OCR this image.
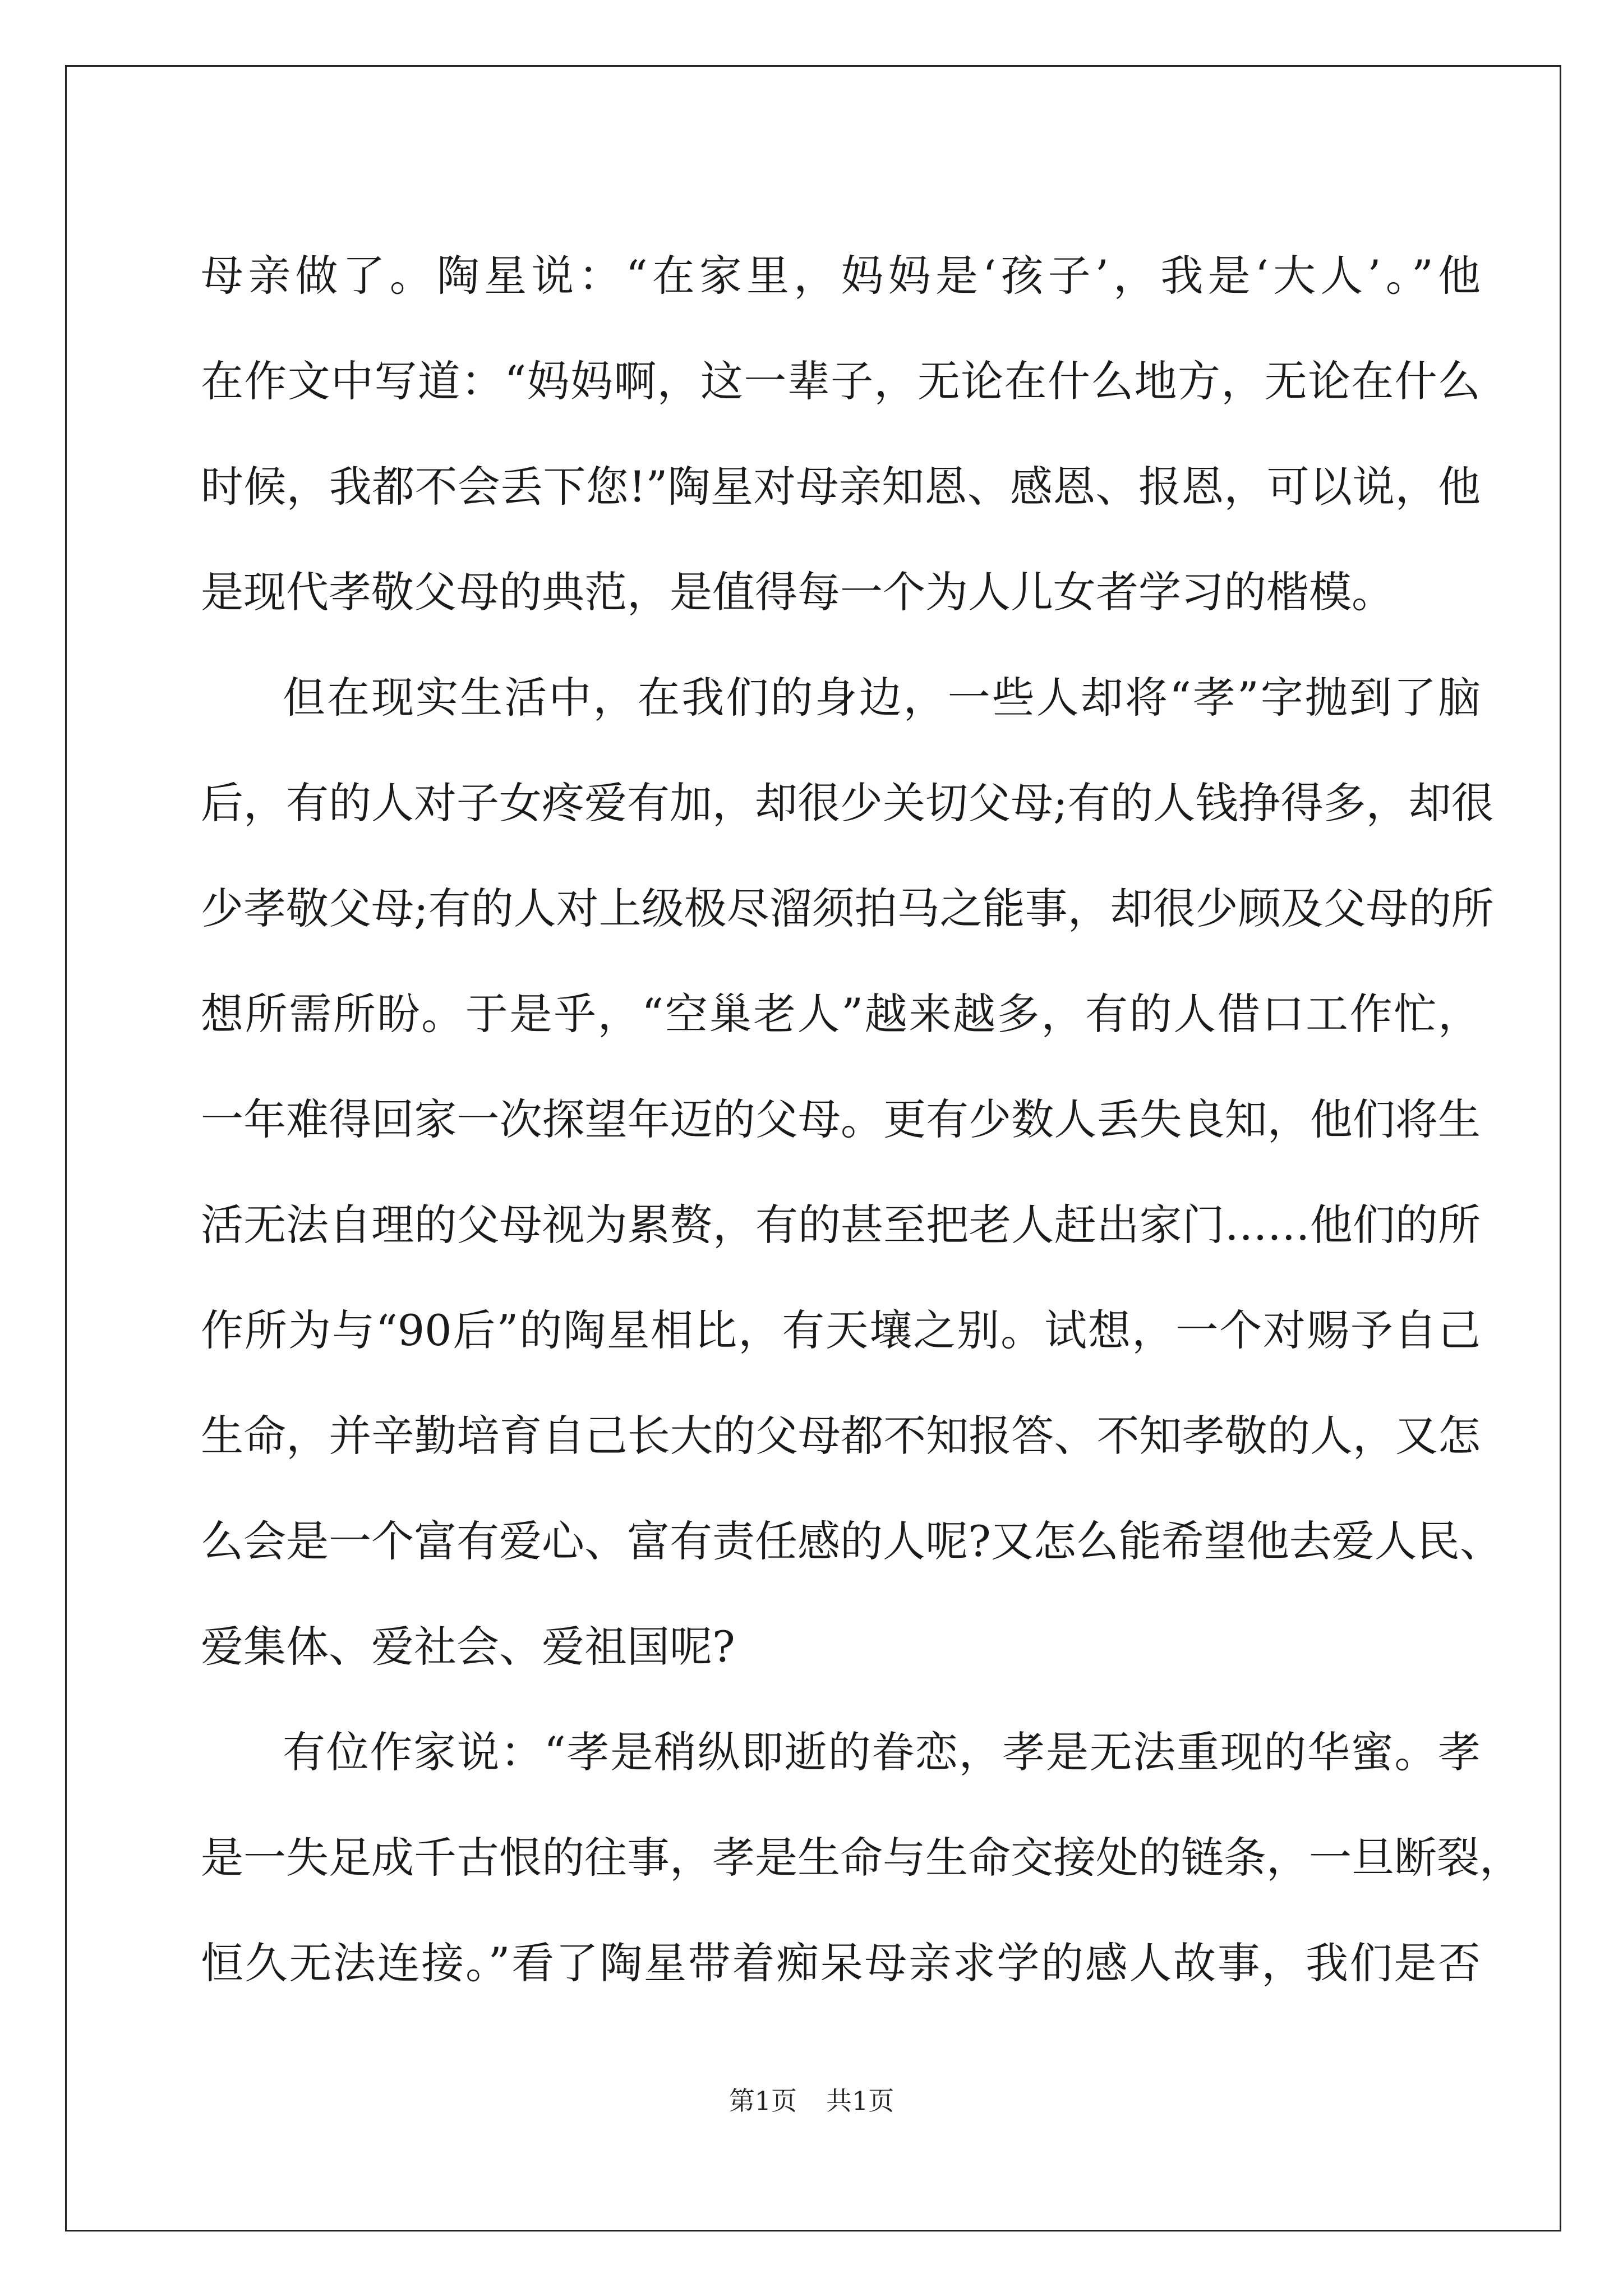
母亲做了。陶星说：“在家里，妈妈是‘孩子’，我是‘大人’。”他
在作文中写道：“妈妈啊，这一辈子，无论在什么地方，无论在什么
时候，我都不会丢下您!”陶星对母亲知恩、感恩、报恩，可以说，他
是现代孝敬父母的典范，是值得每一个为人儿女者学习的楷模。
但在现实生活中，在我们的身边，一些人却将“孝”字抛到了脑
后，有的人对子女疼爱有加，却很少关切父母;有的人钱挣得多，却很
少孝敬父母;有的人对上级极尽溜须拍马之能事，却很少顾及父母的所
想所需所盼。于是乎，“空巢老人”越来越多，有的人借口工作忙，
一年难得回家一次探望年迈的父母。更有少数人丢失良知，他们将生
活无法自理的父母视为累赘，有的甚至把老人赶出家门……他们的所
作所为与“90后”的陶星相比，有天壤之别。试想，一个对赐予自己
生命，并辛勤培育自己长大的父母都不知报答、不知孝敬的人，又怎
么会是一个富有爱心、富有责任感的人呢?又怎么能希望他去爱人民、
爱集体、爱社会、爱祖国呢?
有位作家说：“孝是稍纵即逝的眷恋，孝是无法重现的华蜜。孝
是一失足成千古恨的往事，孝是生命与生命交接处的链条，一旦断裂，
恒久无法连接。”看了陶星带着痴呆母亲求学的感人故事，我们是否
第1页 共1页
